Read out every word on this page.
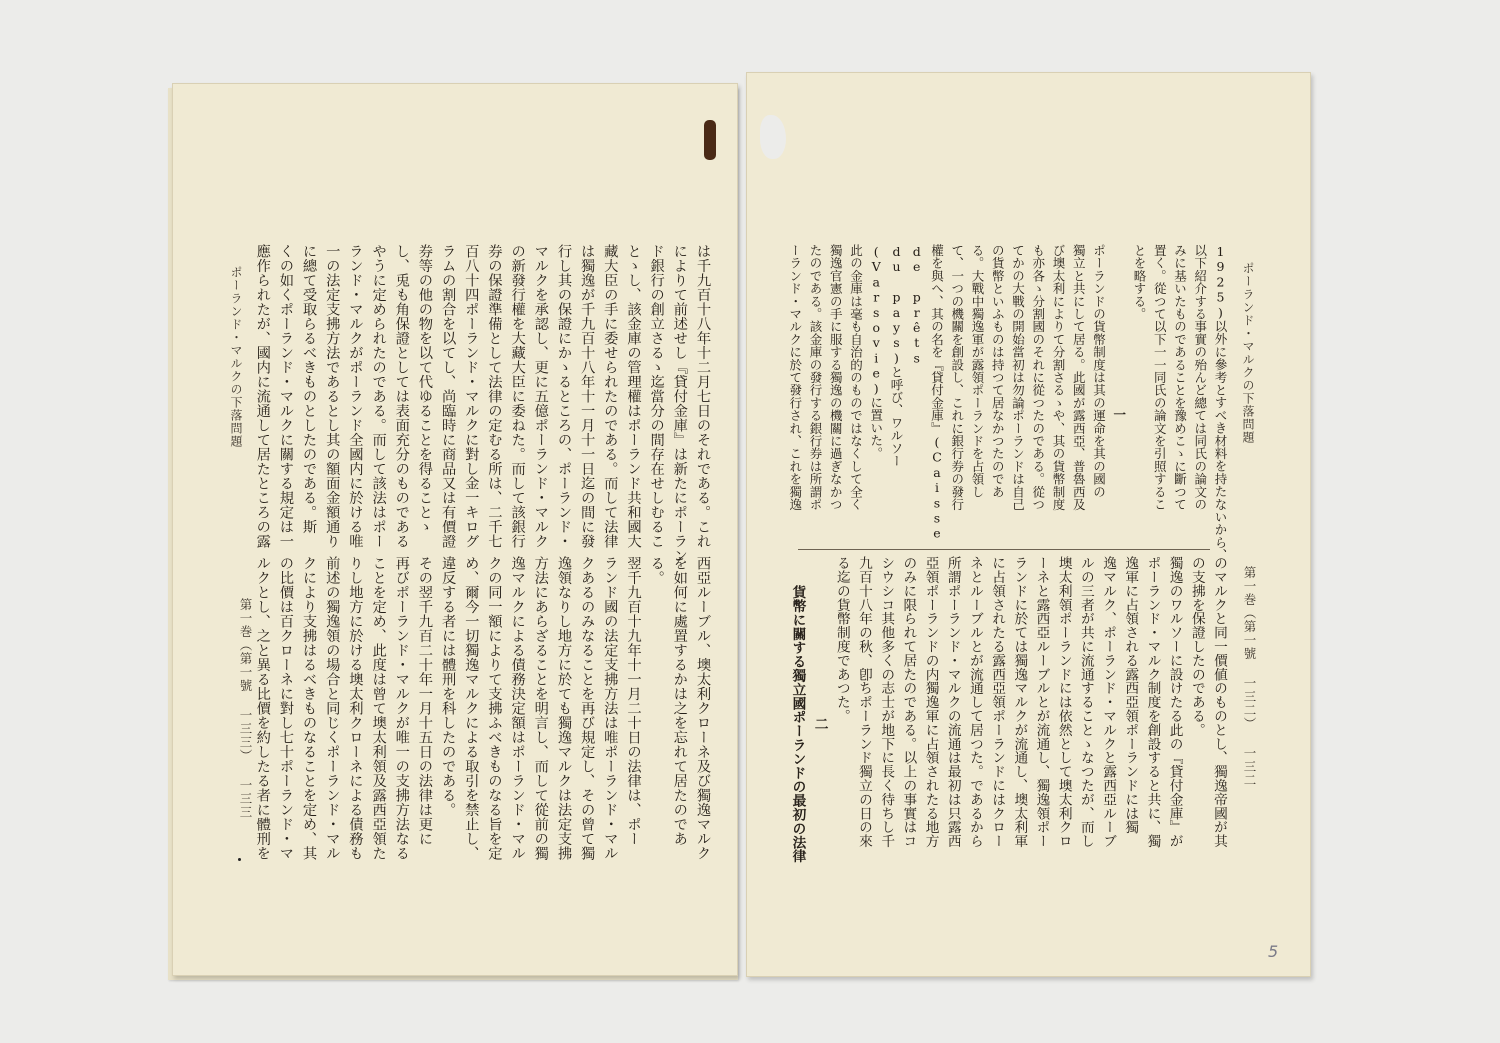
ポーランド・マルクの下落問題
1925)以外に參考とすべき材料を持たないから、
以下紹介する事實の殆んど總ては同氏の論文の
みに基いたものであることを豫めこゝに斷つて
置く。從つて以下一一同氏の論文を引照するこ
とを略する。
一
ポーランドの貨幣制度は其の運命を其の國の
獨立と共にして居る。此國が露西亞、普魯西及
び墺太利によりて分割さるゝや、其の貨幣制度
も亦各ゝ分割國のそれに從つたのである。從つ
てかの大戰の開始當初は勿論ポーランドは自己
の貨幣といふものは持つて居なかつたのであ
る。大戰中獨逸軍が露領ポーランドを占領し
て、一つの機關を創設し、これに銀行券の發行
權を與へ、其の名を『貸付金庫』(Caisse de prêts
du pays)と呼び、ワルソー(Varsovie)に置いた。
此の金庫は毫も自治的のものではなくして全く
獨逸官憲の手に服する獨逸の機關に過ぎなかつ
たのである。該金庫の發行する銀行券は所謂ポ
ーランド・マルクに於て發行され、これを獨逸
のマルクと同一價値のものとし、獨逸帝國が其
の支拂を保證したのである。
獨逸のワルソーに設けたる此の『貸付金庫』が
ポーランド・マルク制度を創設すると共に、獨
逸軍に占領される露西亞領ポーランドには獨
逸マルク、ポーランド・マルクと露西亞ルーブ
ルの三者が共に流通することゝなつたが、而し
墺太利領ポーランドには依然として墺太利クロ
ーネと露西亞ルーブルとが流通し、獨逸領ポー
ランドに於ては獨逸マルクが流通し、墺太利軍
に占領されたる露西亞領ポーランドにはクロー
ネとルーブルとが流通して居つた。であるから
所謂ポーランド・マルクの流通は最初は只露西
亞領ポーランドの内獨逸軍に占領されたる地方
のみに限られて居たのである。以上の事實はコ
シウシコ其他多くの志士が地下に長く待ちし千
九百十八年の秋、卽ちポーランド獨立の日の來
る迄の貨幣制度であつた。
二
貨幣に關する獨立國ポーランドの最初の法律	第一巻（第一號 一三二） 一三二
5
ポーランド・マルクの下落問題	は千九百十八年十二月七日のそれである。これ
によりて前述せし『貸付金庫』は新たにポーラン
ド銀行の創立さるゝ迄當分の間存在せしむるこ
とゝし、該金庫の管理權はポーランド共和國大
藏大臣の手に委せられたのである。而して法律
は獨逸が千九百十八年十一月十一日迄の間に發
行し其の保證にかゝるところの、ポーランド・
マルクを承認し、更に五億ポーランド・マルク
の新發行權を大藏大臣に委ねた。而して該銀行
券の保證準備として法律の定むる所は、二千七
百八十四ポーランド・マルクに對し金一キログ
ラムの割合を以てし、尚臨時に商品又は有價證
券等の他の物を以て代ゆることを得ることゝ
し、兎も角保證としては表面充分のものである
やうに定められたのである。而して該法はポー
ランド・マルクがポーランド全國内に於ける唯
一の法定支拂方法であるとし其の額面金額通り
に總て受取らるべきものとしたのである。斯
くの如くポーランド・マルクに關する規定は一
應作られたが、國内に流通して居たところの露
西亞ルーブル、墺太利クローネ及び獨逸マルク
を如何に處置するかは之を忘れて居たのであ
る。
翌千九百十九年十一月二十日の法律は、ポー
ランド國の法定支拂方法は唯ポーランド・マル
クあるのみなることを再び規定し、その曾て獨
逸領なりし地方に於ても獨逸マルクは法定支拂
方法にあらざることを明言し、而して從前の獨
逸マルクによる債務決定額はポーランド・マル
クの同一額によりて支拂ふべきものなる旨を定
め、爾今一切獨逸マルクによる取引を禁止し、
違反する者には體刑を科したのである。
その翌千九百二十年一月十五日の法律は更に
再びポーランド・マルクが唯一の支拂方法なる
ことを定め、此度は曾て墺太利領及露西亞領た
りし地方に於ける墺太利クローネによる債務も
前述の獨逸領の場合と同じくポーランド・マル
クにより支拂はるべきものなることを定め、其
の比價は百クローネに對し七十ポーランド・マ
ルクとし、之と異る比價を約したる者に體刑を
第一巻（第一號 一三三） 一三三
